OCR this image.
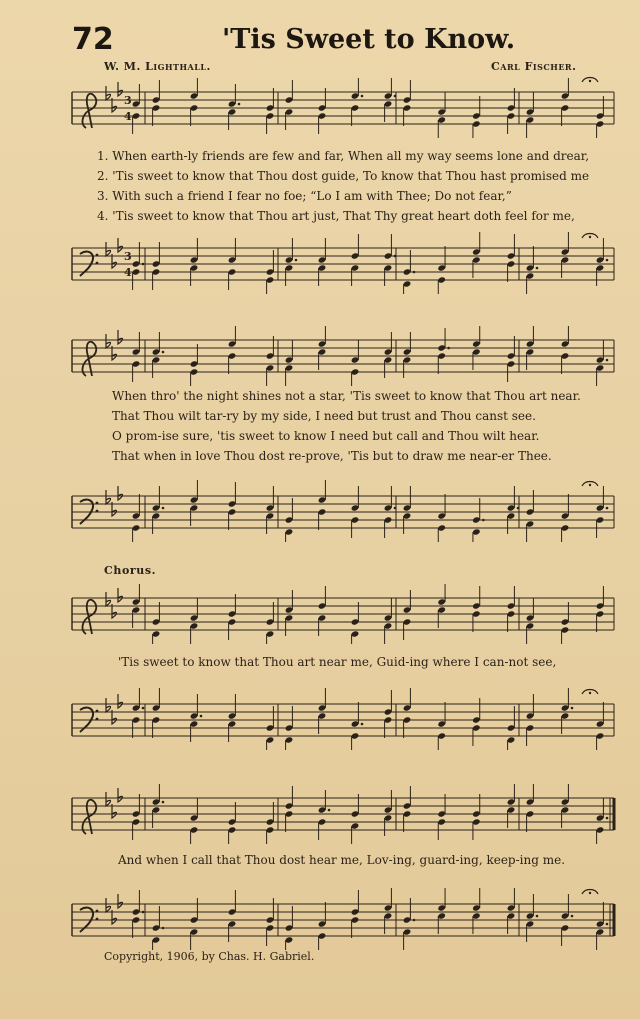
72	'Tis Sweet to Know.
W. M. Lighthall.	Carl Fischer.
3
4
1. When earth-ly friends are few and far, When all my way seems lone and drear,
2. 'Tis sweet to know that Thou dost guide, To know that Thou hast promised me
3. With such a friend I fear no foe; “Lo I am with Thee; Do not fear,”
4. 'Tis sweet to know that Thou art just, That Thy great heart doth feel for me,
3
4
When thro' the night shines not a star, 'Tis sweet to know that Thou art near.
That Thou wilt tar-ry by my side, I need but trust and Thou canst see.
O prom-ise sure, 'tis sweet to know I need but call and Thou wilt hear.
That when in love Thou dost re-prove, 'Tis but to draw me near-er Thee.
Chorus.
'Tis sweet to know that Thou art near me, Guid-ing where I can-not see,
And when I call that Thou dost hear me, Lov-ing, guard-ing, keep-ing me.
Copyright, 1906, by Chas. H. Gabriel.
